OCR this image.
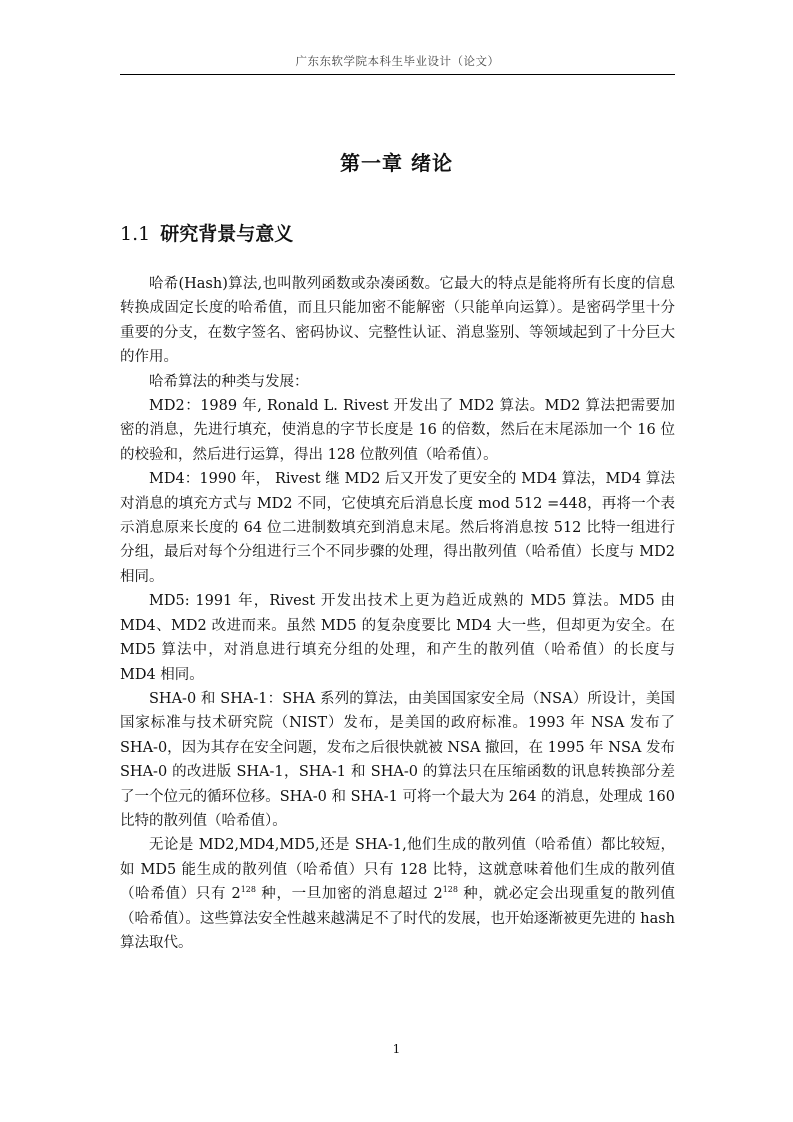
广东东软学院本科生毕业设计（论文）
第一章 绪论
1.1 研究背景与意义

哈希(Hash)算法,也叫散列函数或杂凑函数。它最大的特点是能将所有长度的信息转换成固定长度的哈希值，而且只能加密不能解密（只能单向运算）。是密码学里十分重要的分支，在数字签名、密码协议、完整性认证、消息鉴别、等领域起到了十分巨大的作用。

哈希算法的种类与发展：

MD2：1989 年, Ronald L. Rivest 开发出了 MD2 算法。MD2 算法把需要加密的消息，先进行填充，使消息的字节长度是 16 的倍数，然后在末尾添加一个 16 位的校验和，然后进行运算，得出 128 位散列值（哈希值）。

MD4：1990 年， Rivest 继 MD2 后又开发了更安全的 MD4 算法，MD4 算法对消息的填充方式与 MD2 不同，它使填充后消息长度 mod 512 =448，再将一个表示消息原来长度的 64 位二进制数填充到消息末尾。然后将消息按 512 比特一组进行分组，最后对每个分组进行三个不同步骤的处理，得出散列值（哈希值）长度与 MD2 相同。

MD5: 1991 年，Rivest 开发出技术上更为趋近成熟的 MD5 算法。MD5 由 MD4、MD2 改进而来。虽然 MD5 的复杂度要比 MD4 大一些，但却更为安全。在 MD5 算法中，对消息进行填充分组的处理，和产生的散列值（哈希值）的长度与 MD4 相同。

SHA-0 和 SHA-1：SHA 系列的算法，由美国国家安全局（NSA）所设计，美国国家标准与技术研究院（NIST）发布，是美国的政府标准。1993 年 NSA 发布了 SHA-0，因为其存在安全问题，发布之后很快就被 NSA 撤回，在 1995 年 NSA 发布 SHA-0 的改进版 SHA-1，SHA-1 和 SHA-0 的算法只在压缩函数的讯息转换部分差了一个位元的循环位移。SHA-0 和 SHA-1 可将一个最大为 264 的消息，处理成 160 比特的散列值（哈希值）。

无论是 MD2,MD4,MD5,还是 SHA-1,他们生成的散列值（哈希值）都比较短，如 MD5 能生成的散列值（哈希值）只有 128 比特，这就意味着他们生成的散列值（哈希值）只有 $2^{128}$ 种，一旦加密的消息超过 $2^{128}$ 种，就必定会出现重复的散列值（哈希值）。这些算法安全性越来越满足不了时代的发展，也开始逐渐被更先进的 hash 算法取代。

1
